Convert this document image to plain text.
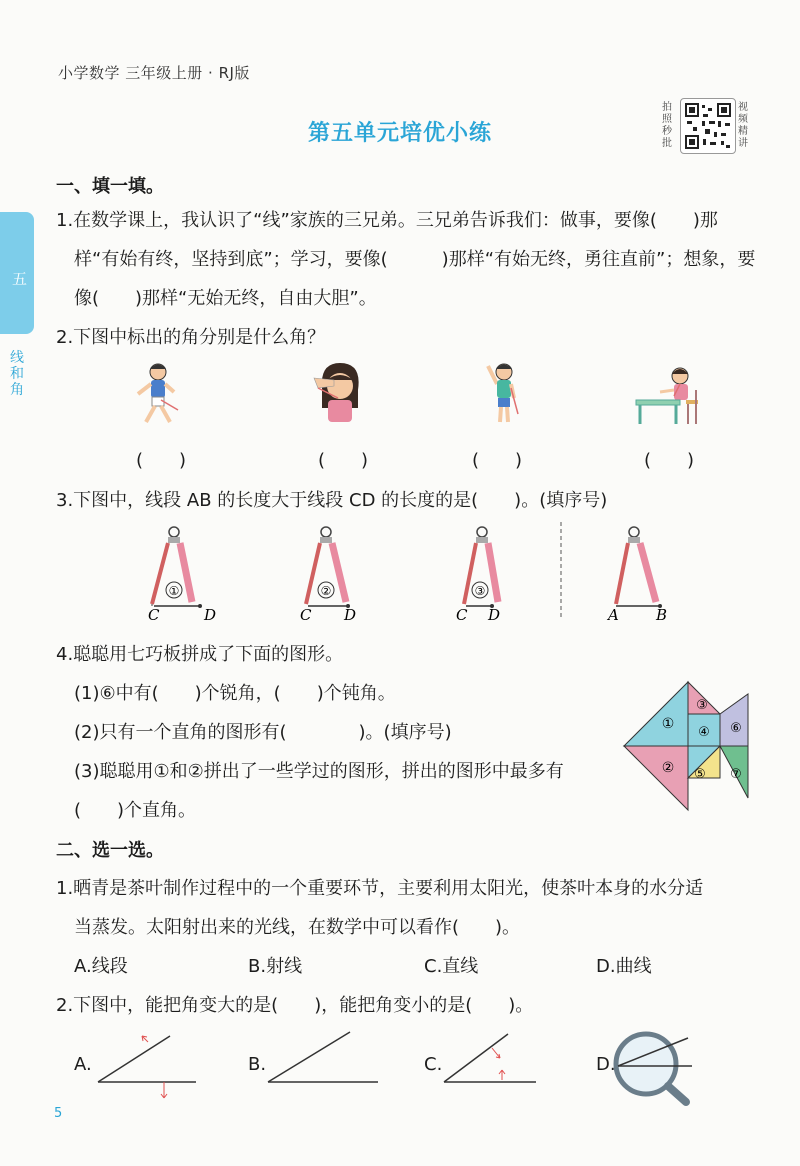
小学数学 三年级上册 · RJ版
第五单元培优小练
拍照秒批
视频精讲
五
线和角
一、填一填。
1.在数学课上，我认识了“线”家族的三兄弟。三兄弟告诉我们：做事，要像(　　)那
样“有始有终，坚持到底”；学习，要像(　　　)那样“有始无终，勇往直前”；想象，要
像(　　)那样“无始无终，自由大胆”。
2.下图中标出的角分别是什么角？
(　　)	(　　)	(　　)	(　　)
3.下图中，线段 AB 的长度大于线段 CD 的长度的是(　　)。(填序号)
①
C	D
②
C D
③
C D	A B
4.聪聪用七巧板拼成了下面的图形。
(1)⑥中有(　　)个锐角，(　　)个钝角。
(2)只有一个直角的图形有(　　　　)。(填序号)
(3)聪聪用①和②拼出了一些学过的图形，拼出的图形中最多有
(　　)个直角。
①
②
③
④
⑤
⑥
⑦
二、选一选。
1.晒青是茶叶制作过程中的一个重要环节，主要利用太阳光，使茶叶本身的水分适
当蒸发。太阳射出来的光线，在数学中可以看作(　　)。
A.线段	B.射线	C.直线	D.曲线
2.下图中，能把角变大的是(　　)，能把角变小的是(　　)。
A.	B.	C.	D.
5
